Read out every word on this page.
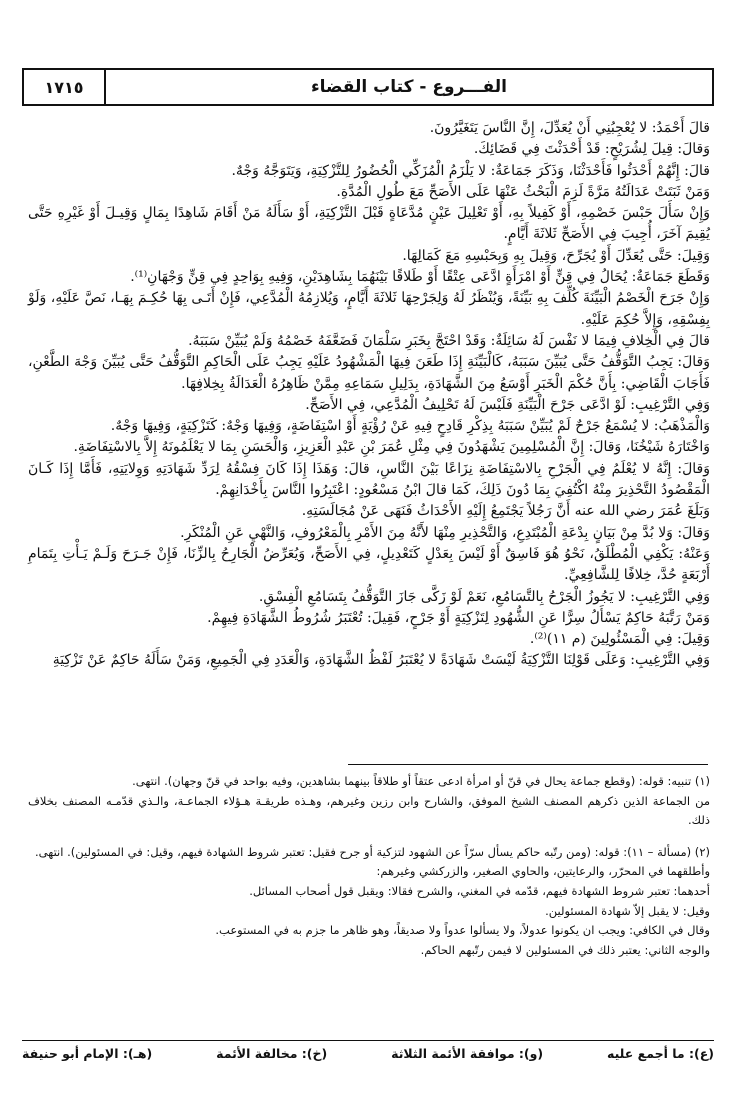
الفـــروع - كتاب القضاء
١٧١٥

قالَ أَحْمَدُ: لا يُعْجِبُنِي أَنْ يُعَدِّلَ، إِنَّ النَّاسَ يَتَغَيَّرُونَ.

وَقالَ: قِيلَ لِشُرَيْحٍ: قَدْ أَحْدَثْتَ فِي قَضَائِكَ.

قالَ: إِنَّهُمْ أَحْدَثُوا فَأَحْدَثْنَا، وَذَكَرَ جَمَاعَةٌ: لا يَلْزَمُ الْمُزَكِّي الْحُضُورُ لِلتَّزْكِيَةِ، وَيَتَوَجَّهُ وَجْهٌ.

وَمَنْ ثَبَتَتْ عَدَالَتُهُ مَرَّةً لَزِمَ الْبَحْثُ عَنْهَا عَلَى الأَصَحِّ مَعَ طُولِ الْمُدَّةِ.

وَإِنْ سَأَلَ حَبْسَ خَصْمِهِ، أَوْ كَفِيلاً بِهِ، أَوْ تَعْلِيلَ عَيْنٍ مُدَّعَاةٍ قَبْلَ التَّزْكِيَةِ، أَوْ سَأَلَهُ مَنْ أَقَامَ شَاهِدًا بِمَالٍ وَقِيـلَ أَوْ غَيْرِهِ حَتَّى يُقِيمَ آخَرَ، أُجِيبَ فِي الأَصَحِّ ثَلاثَةَ أَيَّامٍ.

وَقِيلَ: حَتَّى يُعَدِّلَ أَوْ يُجَرِّحَ، وَقِيلَ بِهِ وَبِحَبْسِهِ مَعَ كَمَالِهَا.

وَقَطَعَ جَمَاعَةٌ: يُحَالُ فِي قِنٍّ أَوْ امْرَأَةٍ ادَّعَى عِتْقًا أَوْ طَلاقًا بَيْنَهُمَا بِشَاهِدَيْنِ، وَفِيهِ بِوَاحِدٍ فِي قِنٍّ وَجْهَانِ⁽¹⁾.

وَإِنْ جَرَحَ الْخَصْمُ الْبَيِّنَةَ كُلِّفَ بِهِ بَيِّنَةً، وَيُنْظَرُ لَهُ وَلِجَرْحِهَا ثَلاثَةَ أَيَّامٍ، وَيُلازِمُهُ الْمُدَّعِي، فَإِنْ أَتَـى بِهَا حُكِـمَ بِهَـا، نَصَّ عَلَيْهِ، وَلَوْ بِفِسْقِهِ، وَإِلاَّ حُكِمَ عَلَيْهِ.

قالَ فِي الْخِلافِ فِيمَا لا نَفْسَ لَهُ سَائِلَةٌ: وَقَدْ احْتَجَّ بِخَبَرِ سَلْمَانَ فَضَعَّفَهُ خَصْمُهُ وَلَمْ يُبَيِّنْ سَبَبَهُ.

وَقالَ: يَجِبُ التَّوَقُّفُ حَتَّى يُبَيِّنَ سَبَبَهُ، كَالْبَيِّنَةِ إِذَا طَعَنَ فِيهَا الْمَشْهُودُ عَلَيْهِ يَجِبُ عَلَى الْحَاكِمِ التَّوَقُّفُ حَتَّى يُبَيِّنَ وَجْهَ الطَّعْنِ، فَأَجَابَ الْقَاضِي: بِأَنَّ حُكْمَ الْخَبَرِ أَوْسَعُ مِنَ الشَّهَادَةِ، بِدَلِيلِ سَمَاعِهِ مِمَّنْ ظَاهِرُهُ الْعَدَالَةُ بِخِلافِهَا.

وَفِي التَّرْغِيبِ: لَوْ ادَّعَى جَرْحَ الْبَيِّنَةِ فَلَيْسَ لَهُ تَحْلِيفُ الْمُدَّعِي، فِي الأَصَحِّ.

وَالْمَذْهَبُ: لا يُسْمَعُ جَرْحٌ لَمْ يُبَيِّنْ سَبَبَهُ بِذِكْرِ قَادِحٍ فِيهِ عَنْ رُؤْيَةٍ أَوْ اسْتِفَاضَةٍ، وَفِيهَا وَجْهٌ: كَتَزْكِيَةٍ، وَفِيهَا وَجْهٌ.

وَاخْتَارَهُ شَيْخُنَا، وَقالَ: إِنَّ الْمُسْلِمِينَ يَشْهَدُونَ فِي مِثْلِ عُمَرَ بْنِ عَبْدِ الْعَزِيزِ، وَالْحَسَنِ بِمَا لا يَعْلَمُونَهُ إِلاَّ بِالاسْتِفَاضَةِ.

وَقالَ: إِنَّهُ لا يُعْلَمُ فِي الْجَرْحِ بِالاسْتِفَاضَةِ نِزَاعًا بَيْنَ النَّاسِ، قالَ: وَهَذَا إِذَا كَانَ فِسْقُهُ لِرَدِّ شَهَادَتِهِ وَوِلايَتِهِ، فَأَمَّا إِذَا كَـانَ الْمَقْصُودُ التَّحْذِيرَ مِنْهُ اكْتُفِيَ بِمَا دُونَ ذَلِكَ، كَمَا قالَ ابْنُ مَسْعُودٍ: اعْتَبِرُوا النَّاسَ بِأَخْدَانِهِمْ.

وَبَلَغَ عُمَرَ رضي الله عنه أَنَّ رَجُلاً يَجْتَمِعُ إِلَيْهِ الأَحْدَاثُ فَنَهَى عَنْ مُجَالَسَتِهِ.

وَقالَ: وَلا بُدَّ مِنْ بَيَانٍ بِدْعَةِ الْمُبْتَدِعِ، وَالتَّحْذِيرِ مِنْهَا لأَنَّهُ مِنَ الأَمْرِ بِالْمَعْرُوفِ، وَالنَّهْيِ عَنِ الْمُنْكَرِ.

وَعَنْهُ: يَكْفِي الْمُطْلَقُ، نَحْوُ هُوَ فَاسِقٌ أَوْ لَيْسَ بِعَدْلٍ كَتَعْدِيلٍ، فِي الأَصَحِّ، وَيُعَرِّضُ الْجَارِحُ بِالزِّنَا، فَإِنْ جَـرَحَ وَلَـمْ يَـأْتِ بِتَمَامِ أَرْبَعَةٍ حُدَّ، خِلافًا لِلشَّافِعِيِّ.

وَفِي التَّرْغِيبِ: لا يَجُوزُ الْجَرْحُ بِالتَّسَامُعِ، نَعَمْ لَوْ زَكَّى جَازَ التَّوَقُّفُ بِتَسَامُعِ الْفِسْقِ.

وَمَنْ رَتَّبَهُ حَاكِمٌ يَسْأَلُ سِرًّا عَنِ الشُّهُودِ لِتَزْكِيَةٍ أَوْ جَرْحٍ، فَقِيلَ: تُعْتَبَرُ شُرُوطُ الشَّهَادَةِ فِيهِمْ.

وَقِيلَ: فِي الْمَسْئُولِينَ (م ١١)⁽²⁾.

وَفِي التَّرْغِيبِ: وَعَلَى قَوْلِنَا التَّزْكِيَةُ لَيْسَتْ شَهَادَةً لا يُعْتَبَرُ لَفْظُ الشَّهَادَةِ، وَالْعَدَدِ فِي الْجَمِيعِ، وَمَنْ سَأَلَهُ حَاكِمٌ عَنْ تَزْكِيَةِ

(١) تنبيه: قوله: (وقطع جماعة يحال في قنّ أو امرأة ادعى عتقاً أو طلاقاً بينهما بشاهدين، وفيه بواحد في قنّ وجهان). انتهى.

من الجماعة الذين ذكرهم المصنف الشيخ الموفق، والشارح وابن رزين وغيرهم، وهـذه طريقـة هـؤلاء الجماعـة، والـذي قدّمـه المصنف بخلاف ذلك.

(٢) (مسألة – ١١): قوله: (ومن رتّبه حاكم يسأل سرّاً عن الشهود لتزكية أو جرح فقيل: تعتبر شروط الشهادة فيهم، وقيل: في المسئولين). انتهى.

وأطلقهما في المحرّر، والرعايتين، والحاوي الصغير، والزركشي وغيرهم:

أحدهما: تعتبر شروط الشهادة فيهم، قدّمه في المغني، والشرح فقالا: ويقبل قول أصحاب المسائل.

وقيل: لا يقبل إلاّ شهادة المسئولين.

وقال في الكافي: ويجب ان يكونوا عدولاً، ولا يسألوا عدواً ولا صديقاً، وهو ظاهر ما جزم به في المستوعب.

والوجه الثاني: يعتبر ذلك في المسئولين لا فيمن رتّبهم الحاكم.

(ع): ما أجمع عليه
(و): موافقة الأئمة الثلاثة
(خ): مخالفة الأئمة
(هـ): الإمام أبو حنيفة
